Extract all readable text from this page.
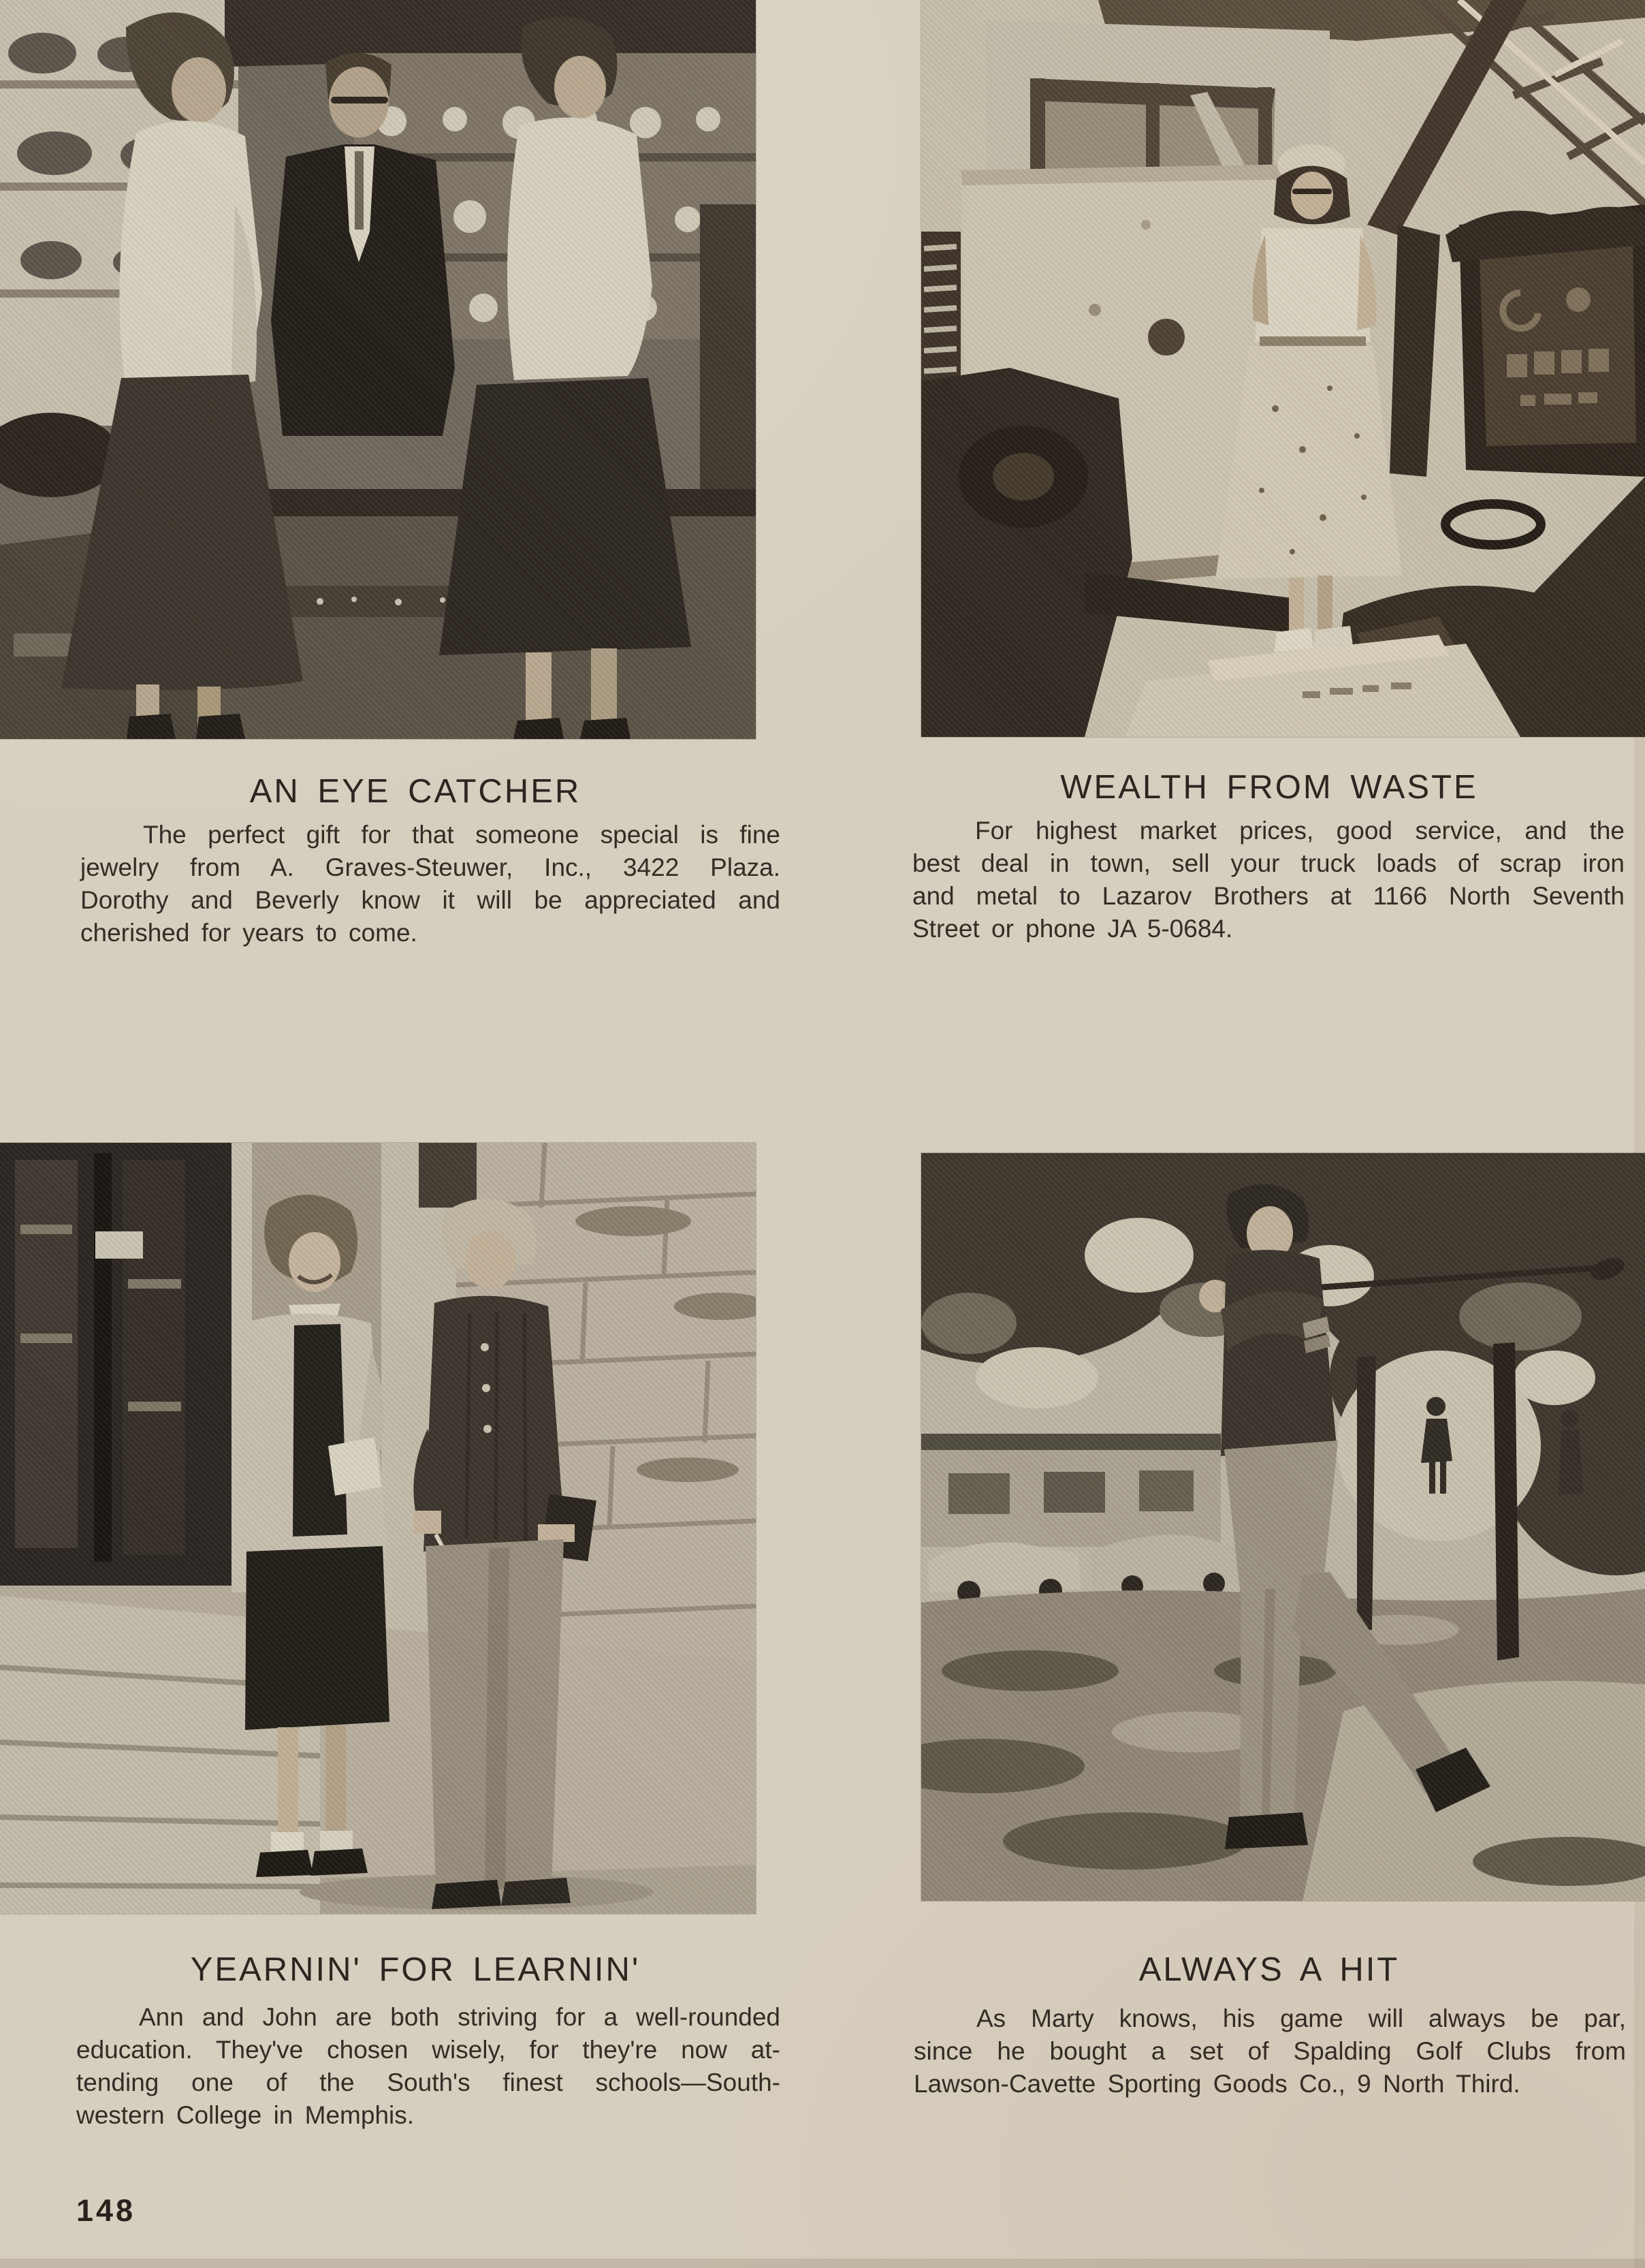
AN EYE CATCHER
The perfect gift for that someone special is fine
jewelry from A. Graves-Steuwer, Inc., 3422 Plaza.
Dorothy and Beverly know it will be appreciated and
cherished for years to come.
WEALTH FROM WASTE
For highest market prices, good service, and the
best deal in town, sell your truck loads of scrap iron
and metal to Lazarov Brothers at 1166 North Seventh
Street or phone JA 5-0684.
YEARNIN' FOR LEARNIN'
Ann and John are both striving for a well-rounded
education. They've chosen wisely, for they're now at-
tending one of the South's finest schools—South-
western College in Memphis.
ALWAYS A HIT
As Marty knows, his game will always be par,
since he bought a set of Spalding Golf Clubs from
Lawson-Cavette Sporting Goods Co., 9 North Third.
148
